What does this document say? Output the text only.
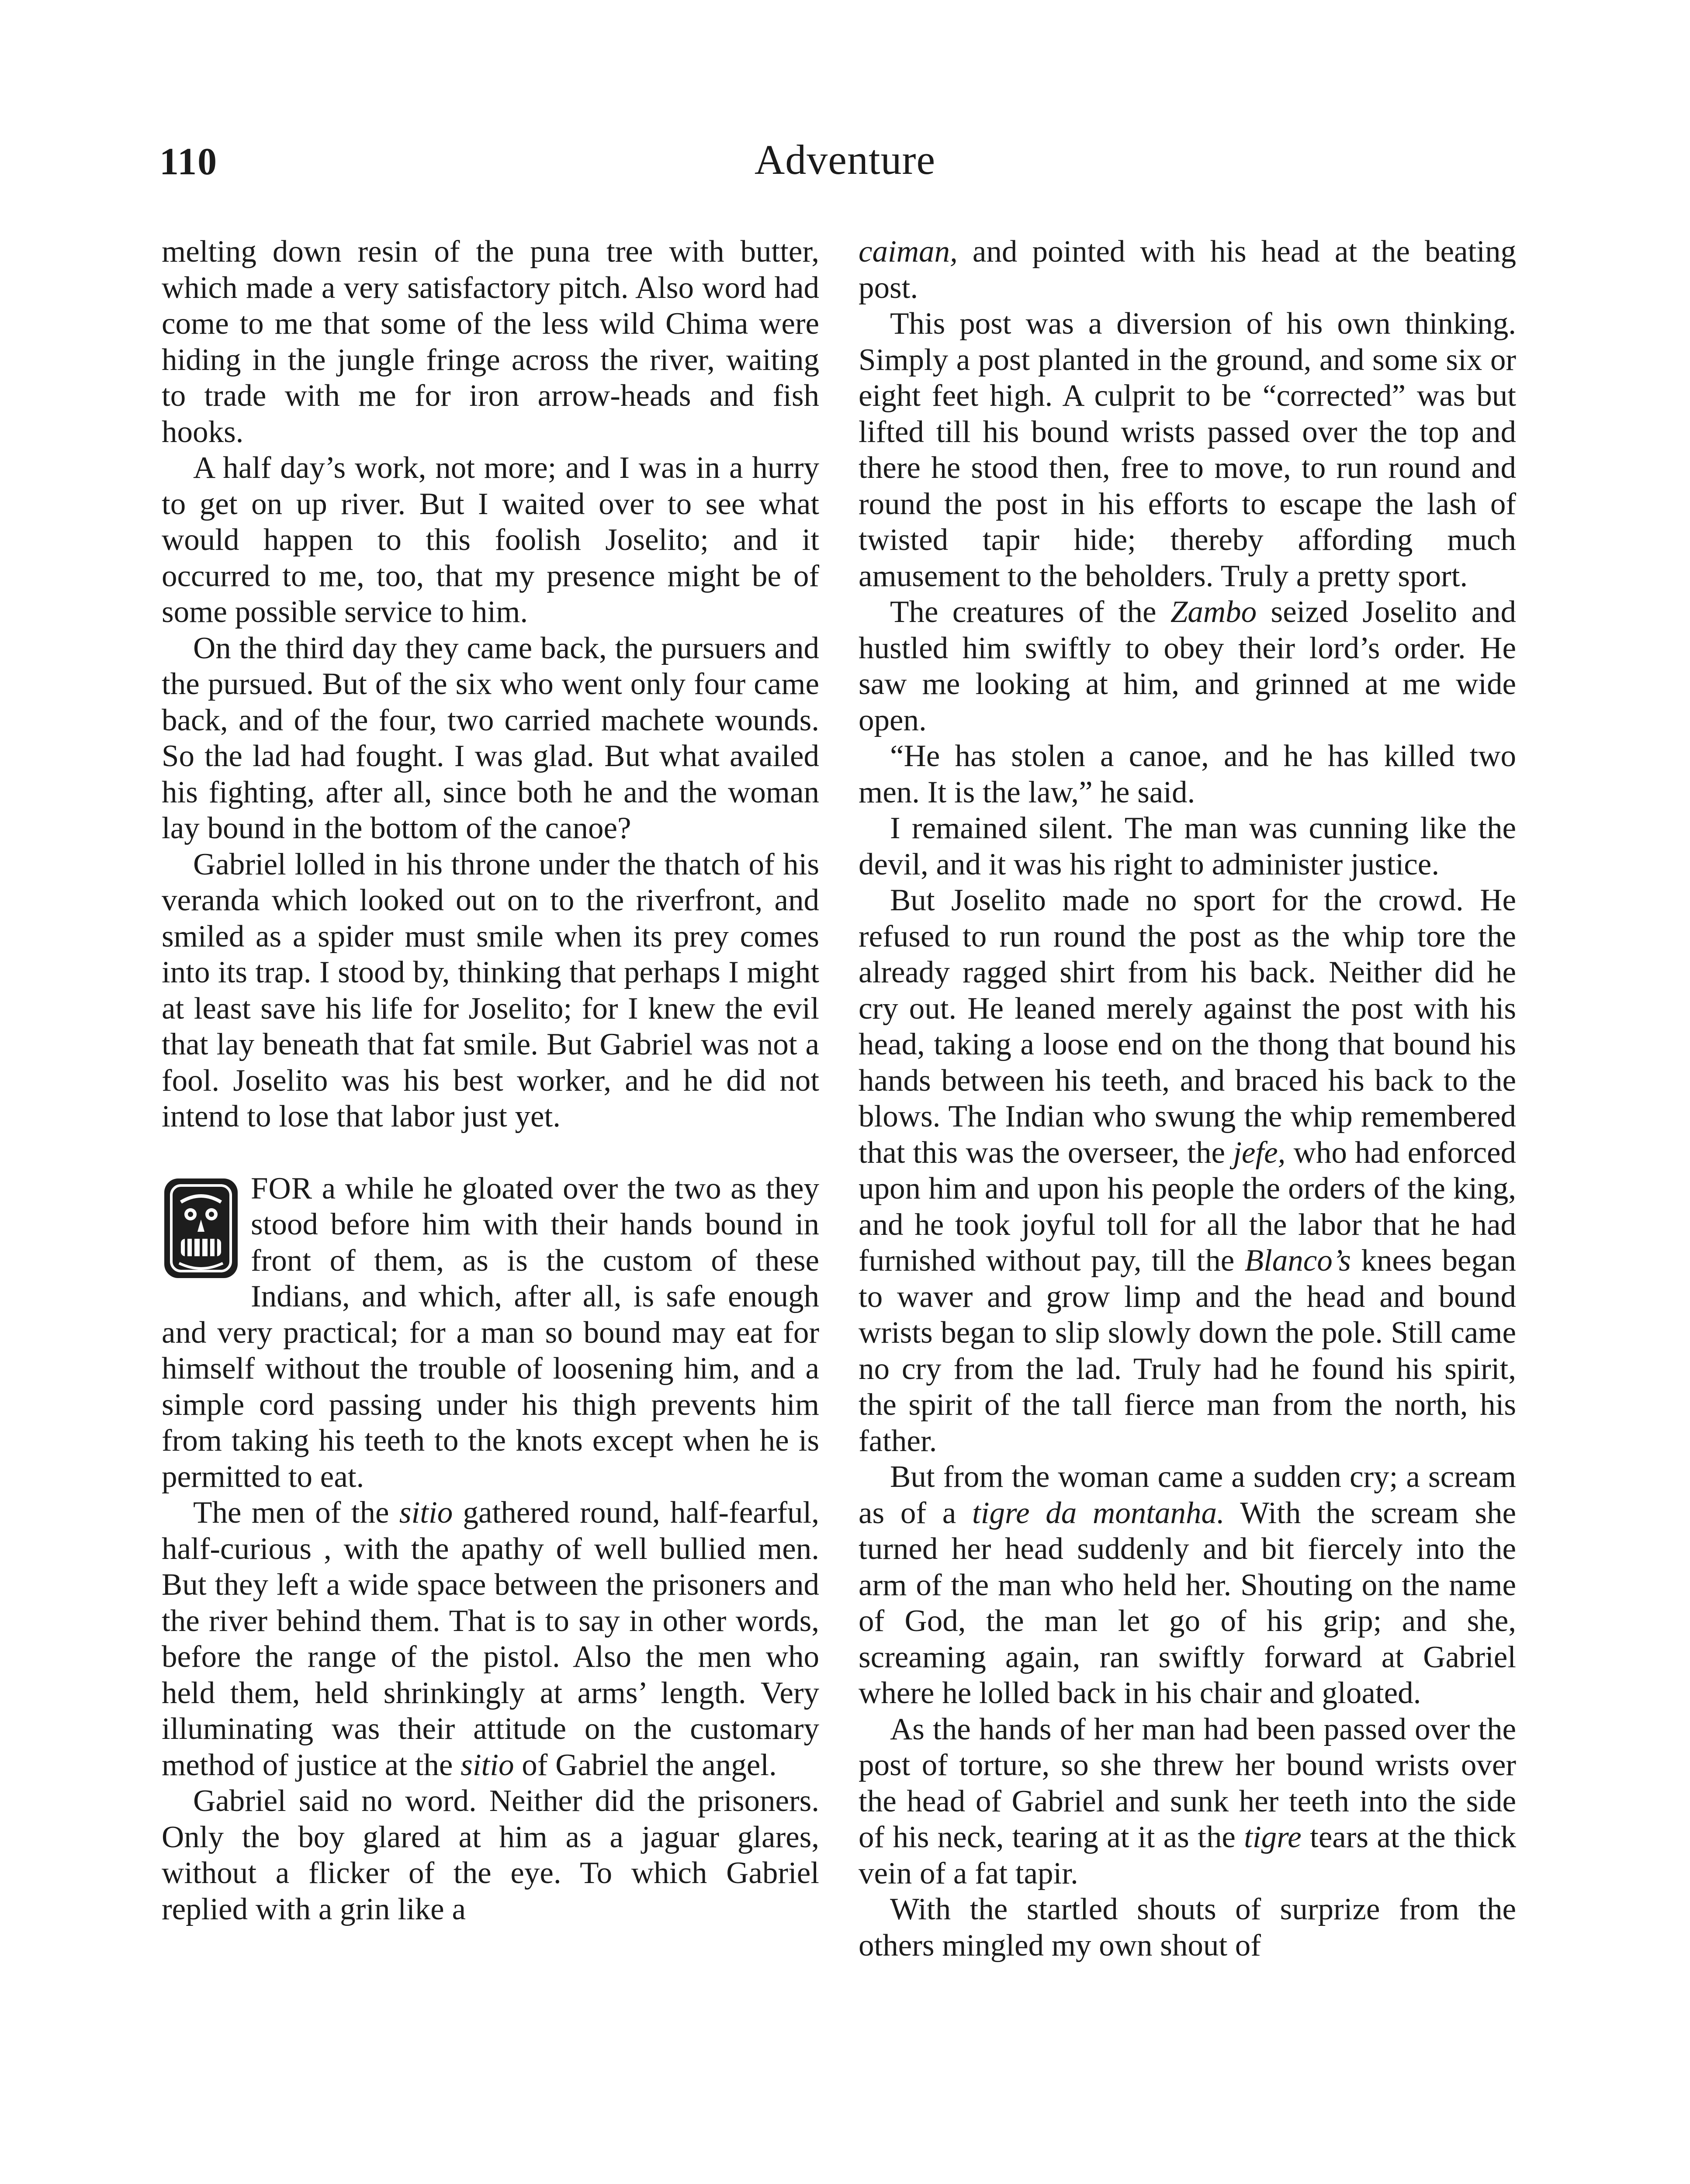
110	Adventure

melting down resin of the puna tree with butter, which made a very satisfactory pitch. Also word had come to me that some of the less wild Chima were hiding in the jungle fringe across the river, waiting to trade with me for iron arrow-heads and fish hooks.

A half day’s work, not more; and I was in a hurry to get on up river. But I waited over to see what would happen to this foolish Joselito; and it occurred to me, too, that my presence might be of some possible service to him.

On the third day they came back, the pursuers and the pursued. But of the six who went only four came back, and of the four, two carried machete wounds. So the lad had fought. I was glad. But what availed his fighting, after all, since both he and the woman lay bound in the bottom of the canoe?

Gabriel lolled in his throne under the thatch of his veranda which looked out on to the riverfront, and smiled as a spider must smile when its prey comes into its trap. I stood by, thinking that perhaps I might at least save his life for Joselito; for I knew the evil that lay beneath that fat smile. But Gabriel was not a fool. Joselito was his best worker, and he did not intend to lose that labor just yet.

FOR a while he gloated over the two as they stood before him with their hands bound in front of them, as is the custom of these Indians, and which, after all, is safe enough and very practical; for a man so bound may eat for himself without the trouble of loosening him, and a simple cord passing under his thigh prevents him from taking his teeth to the knots except when he is permitted to eat.

The men of the sitio gathered round, half-fearful, half-curious , with the apathy of well bullied men. But they left a wide space between the prisoners and the river behind them. That is to say in other words, before the range of the pistol. Also the men who held them, held shrinkingly at arms’ length. Very illuminating was their attitude on the customary method of justice at the sitio of Gabriel the angel.

Gabriel said no word. Neither did the prisoners. Only the boy glared at him as a jaguar glares, without a flicker of the eye. To which Gabriel replied with a grin like a

caiman, and pointed with his head at the beating post.

This post was a diversion of his own thinking. Simply a post planted in the ground, and some six or eight feet high. A culprit to be “corrected” was but lifted till his bound wrists passed over the top and there he stood then, free to move, to run round and round the post in his efforts to escape the lash of twisted tapir hide; thereby affording much amusement to the beholders. Truly a pretty sport.

The creatures of the Zambo seized Joselito and hustled him swiftly to obey their lord’s order. He saw me looking at him, and grinned at me wide open.

“He has stolen a canoe, and he has killed two men. It is the law,” he said.

I remained silent. The man was cunning like the devil, and it was his right to administer justice.

But Joselito made no sport for the crowd. He refused to run round the post as the whip tore the already ragged shirt from his back. Neither did he cry out. He leaned merely against the post with his head, taking a loose end on the thong that bound his hands between his teeth, and braced his back to the blows. The Indian who swung the whip remembered that this was the overseer, the jefe, who had enforced upon him and upon his people the orders of the king, and he took joyful toll for all the labor that he had furnished without pay, till the Blanco’s knees began to waver and grow limp and the head and bound wrists began to slip slowly down the pole. Still came no cry from the lad. Truly had he found his spirit, the spirit of the tall fierce man from the north, his father.

But from the woman came a sudden cry; a scream as of a tigre da montanha. With the scream she turned her head suddenly and bit fiercely into the arm of the man who held her. Shouting on the name of God, the man let go of his grip; and she, screaming again, ran swiftly forward at Gabriel where he lolled back in his chair and gloated.

As the hands of her man had been passed over the post of torture, so she threw her bound wrists over the head of Gabriel and sunk her teeth into the side of his neck, tearing at it as the tigre tears at the thick vein of a fat tapir.

With the startled shouts of surprize from the others mingled my own shout of
